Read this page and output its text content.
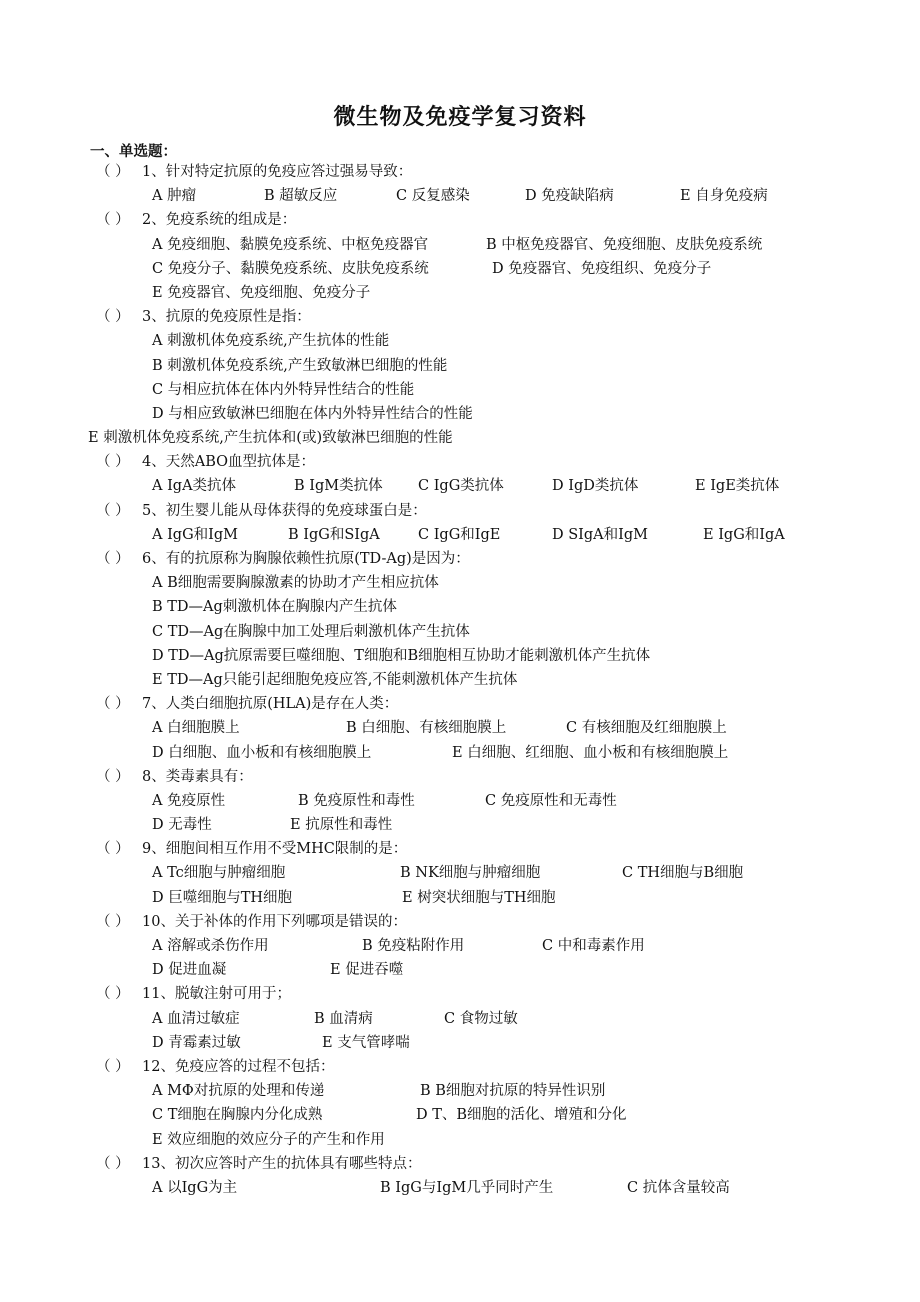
微生物及免疫学复习资料
一、单选题：
（ ） 1、针对特定抗原的免疫应答过强易导致：
A 肿瘤	B 超敏反应	C 反复感染	D 免疫缺陷病	E 自身免疫病
（ ） 2、免疫系统的组成是：
A 免疫细胞、黏膜免疫系统、中枢免疫器官	B 中枢免疫器官、免疫细胞、皮肤免疫系统
C 免疫分子、黏膜免疫系统、皮肤免疫系统	D 免疫器官、免疫组织、免疫分子
E 免疫器官、免疫细胞、免疫分子
（ ） 3、抗原的免疫原性是指：
A 刺激机体免疫系统,产生抗体的性能
B 刺激机体免疫系统,产生致敏淋巴细胞的性能
C 与相应抗体在体内外特异性结合的性能
D 与相应致敏淋巴细胞在体内外特异性结合的性能
E 刺激机体免疫系统,产生抗体和(或)致敏淋巴细胞的性能
（ ） 4、天然ABO血型抗体是：
A IgA类抗体	B IgM类抗体 C IgG类抗体	D IgD类抗体	E IgE类抗体
（ ） 5、初生婴儿能从母体获得的免疫球蛋白是：
A IgG和IgM	B IgG和SIgA	C IgG和IgE	D SIgA和IgM	E IgG和IgA
（ ） 6、有的抗原称为胸腺依赖性抗原(TD-Ag)是因为：
A B细胞需要胸腺激素的协助才产生相应抗体
B TD—Ag刺激机体在胸腺内产生抗体
C TD—Ag在胸腺中加工处理后刺激机体产生抗体
D TD—Ag抗原需要巨噬细胞、T细胞和B细胞相互协助才能刺激机体产生抗体
E TD—Ag只能引起细胞免疫应答,不能刺激机体产生抗体
（ ） 7、人类白细胞抗原(HLA)是存在人类：
A 白细胞膜上	B 白细胞、有核细胞膜上	C 有核细胞及红细胞膜上
D 白细胞、血小板和有核细胞膜上	E 白细胞、红细胞、血小板和有核细胞膜上
（ ） 8、类毒素具有：
A 免疫原性	B 免疫原性和毒性	C 免疫原性和无毒性
D 无毒性	E 抗原性和毒性
（ ） 9、细胞间相互作用不受MHC限制的是：
A Tc细胞与肿瘤细胞	B NK细胞与肿瘤细胞	C TH细胞与B细胞
D 巨噬细胞与TH细胞	E 树突状细胞与TH细胞
（ ） 10、关于补体的作用下列哪项是错误的：
A 溶解或杀伤作用	B 免疫粘附作用	C 中和毒素作用
D 促进血凝	E 促进吞噬
（ ） 11、脱敏注射可用于；
A 血清过敏症	B 血清病	C 食物过敏
D 青霉素过敏	E 支气管哮喘
（ ） 12、免疫应答的过程不包括：
A MΦ对抗原的处理和传递	B B细胞对抗原的特异性识别
C T细胞在胸腺内分化成熟	D T、B细胞的活化、增殖和分化
E 效应细胞的效应分子的产生和作用
（ ） 13、初次应答时产生的抗体具有哪些特点：
A 以IgG为主	B IgG与IgM几乎同时产生	C 抗体含量较高
